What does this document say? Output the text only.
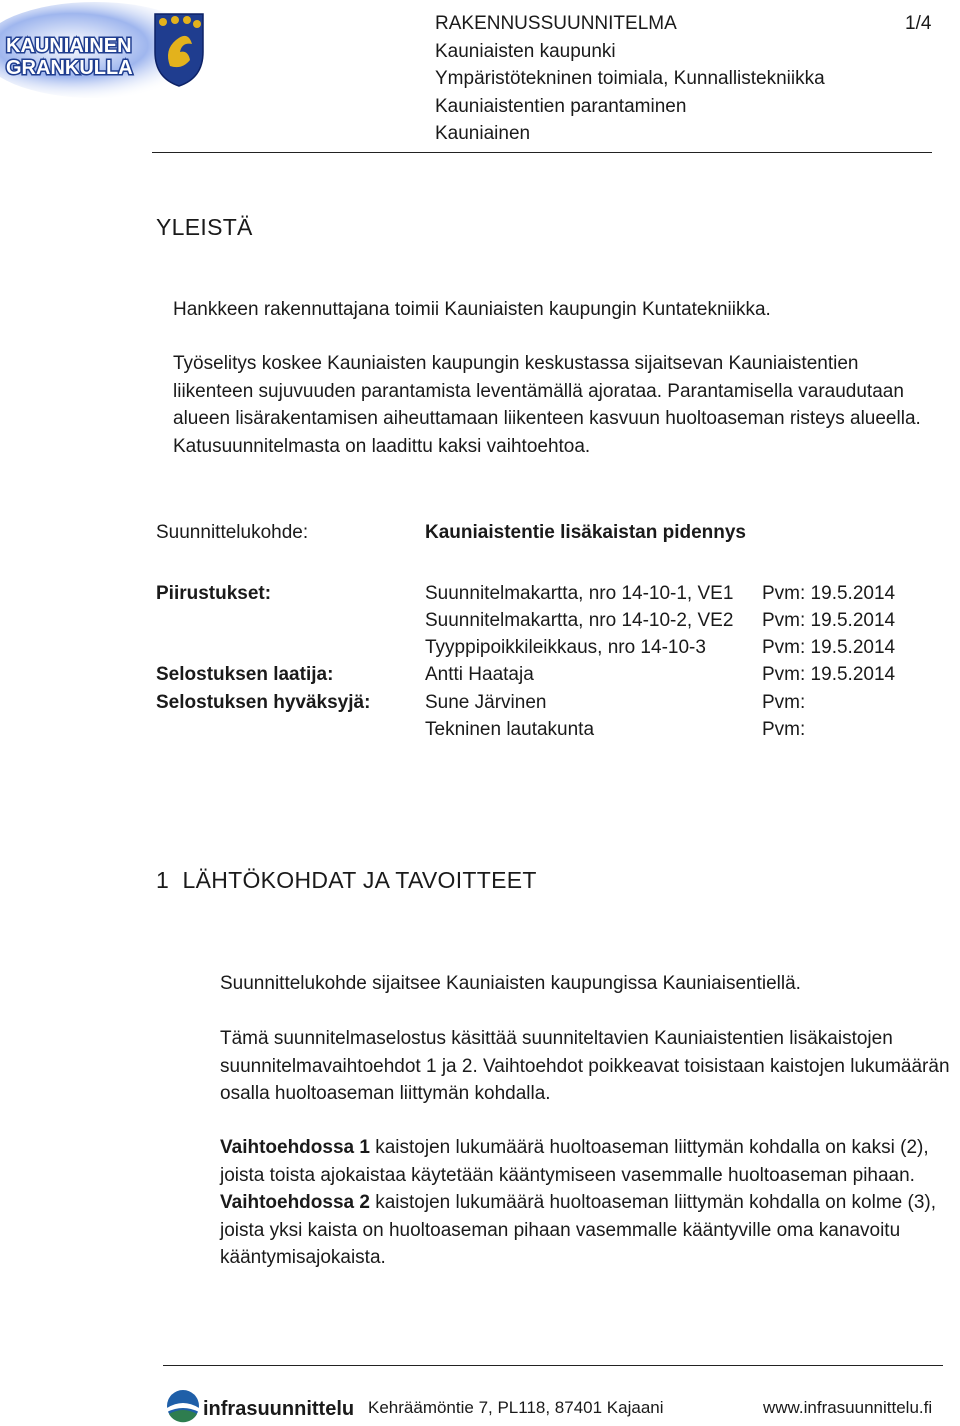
KAUNIAINEN
GRANKULLA
RAKENNUSSUUNNITELMA
Kauniaisten kaupunki
Ympäristötekninen toimiala, Kunnallistekniikka
Kauniaistentien parantaminen
Kauniainen
1/4
YLEISTÄ
Hankkeen rakennuttajana toimii Kauniaisten kaupungin Kuntatekniikka.
Työselitys koskee Kauniaisten kaupungin keskustassa sijaitsevan Kauniaistentien liikenteen sujuvuuden parantamista leventämällä ajorataa. Parantamisella varaudutaan alueen lisärakentamisen aiheuttamaan liikenteen kasvuun huoltoaseman risteys alueella. Katusuunnitelmasta on laadittu kaksi vaihtoehtoa.
Suunnittelukohde:	Kauniaistentie lisäkaistan pidennys
Piirustukset:	Suunnitelmakartta, nro 14-10-1, VE1 Pvm: 19.5.2014
Suunnitelmakartta, nro 14-10-2, VE2 Pvm: 19.5.2014
Tyyppipoikkileikkaus, nro 14-10-3	Pvm: 19.5.2014
Selostuksen laatija:	Antti Haataja	Pvm: 19.5.2014
Selostuksen hyväksyjä:	Sune Järvinen	Pvm:
Tekninen lautakunta	Pvm:
1  LÄHTÖKOHDAT JA TAVOITTEET
Suunnittelukohde sijaitsee Kauniaisten kaupungissa Kauniaisentiellä.
Tämä suunnitelmaselostus käsittää suunniteltavien Kauniaistentien lisäkaistojen suunnitelmavaihtoehdot 1 ja 2. Vaihtoehdot poikkeavat toisistaan kaistojen lukumäärän osalla huoltoaseman liittymän kohdalla.
Vaihtoehdossa 1 kaistojen lukumäärä huoltoaseman liittymän kohdalla on kaksi (2), joista toista ajokaistaa käytetään kääntymiseen vasemmalle huoltoaseman pihaan.
Vaihtoehdossa 2 kaistojen lukumäärä huoltoaseman liittymän kohdalla on kolme (3), joista yksi kaista on huoltoaseman pihaan vasemmalle kääntyville oma kanavoitu kääntymisajokaista.
infrasuunnittelu Kehräämöntie 7, PL118, 87401 Kajaani	www.infrasuunnittelu.fi
